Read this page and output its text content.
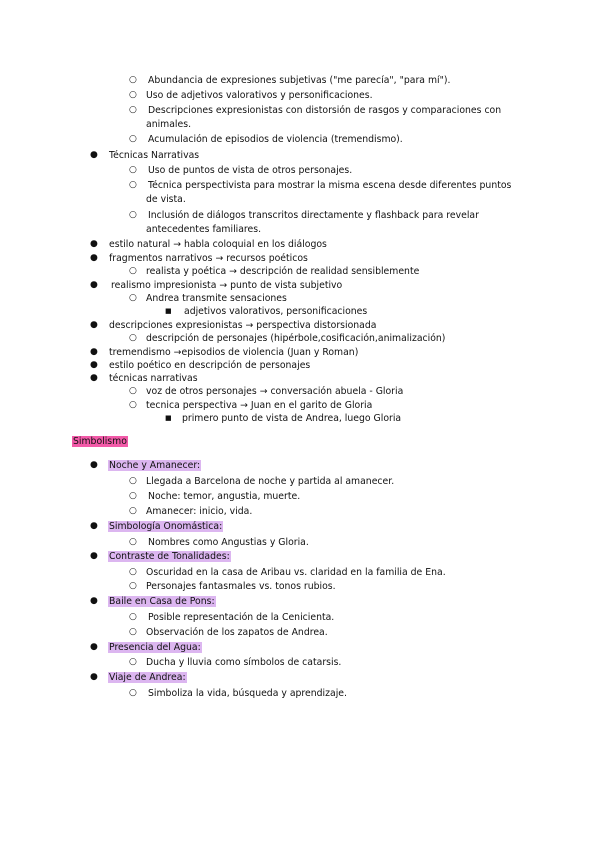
○ Abundancia de expresiones subjetivas ("me parecía", "para mí").
○ Uso de adjetivos valorativos y personificaciones.
○ Descripciones expresionistas con distorsión de rasgos y comparaciones con
animales.
○ Acumulación de episodios de violencia (tremendismo).
● Técnicas Narrativas
○ Uso de puntos de vista de otros personajes.
○ Técnica perspectivista para mostrar la misma escena desde diferentes puntos
de vista.
○ Inclusión de diálogos transcritos directamente y flashback para revelar
antecedentes familiares.
● estilo natural → habla coloquial en los diálogos
● fragmentos narrativos → recursos poéticos
○ realista y poética → descripción de realidad sensiblemente
● realismo impresionista → punto de vista subjetivo
○ Andrea transmite sensaciones
■ adjetivos valorativos, personificaciones
● descripciones expresionistas → perspectiva distorsionada
○ descripción de personajes (hipérbole,cosificación,animalización)
● tremendismo →episodios de violencia (Juan y Roman)
● estilo poético en descripción de personajes
● técnicas narrativas
○ voz de otros personajes → conversación abuela - Gloria
○ tecnica perspectiva → Juan en el garito de Gloria
■ primero punto de vista de Andrea, luego Gloria
Simbolismo
● Noche y Amanecer:
○ Llegada a Barcelona de noche y partida al amanecer.
○ Noche: temor, angustia, muerte.
○ Amanecer: inicio, vida.
● Simbología Onomástica:
○ Nombres como Angustias y Gloria.
● Contraste de Tonalidades:
○ Oscuridad en la casa de Aribau vs. claridad en la familia de Ena.
○ Personajes fantasmales vs. tonos rubios.
● Baile en Casa de Pons:
○ Posible representación de la Cenicienta.
○ Observación de los zapatos de Andrea.
● Presencia del Agua:
○ Ducha y lluvia como símbolos de catarsis.
● Viaje de Andrea:
○ Simboliza la vida, búsqueda y aprendizaje.
